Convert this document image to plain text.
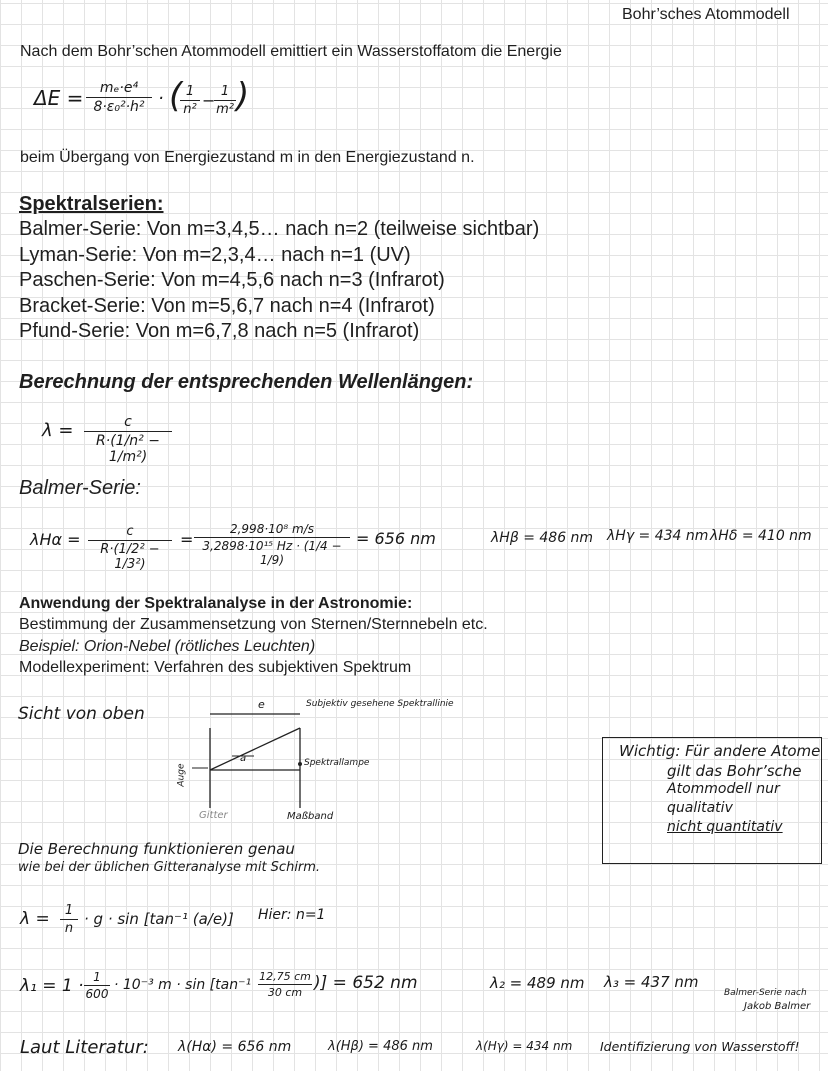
Bohr’sches Atommodell
Nach dem Bohr’schen Atommodell emittiert ein Wasserstoffatom die Energie
ΔE =	mₑ·e⁴
8·ε₀²·h² · ( 1
n² − 1
m² )
beim Übergang von Energiezustand m in den Energiezustand n.
Spektralserien:
Balmer-Serie: Von m=3,4,5… nach n=2 (teilweise sichtbar)
Lyman-Serie: Von m=2,3,4… nach n=1 (UV)
Paschen-Serie: Von m=4,5,6 nach n=3 (Infrarot)
Bracket-Serie: Von m=5,6,7 nach n=4 (Infrarot)
Pfund-Serie: Von m=6,7,8 nach n=5 (Infrarot)
Berechnung der entsprechenden Wellenlängen:
λ =	c
R·(1/n² − 1/m²)
Balmer-Serie:
λHα =	c
R·(1/2² − 1/3²)
=
2,998·10⁸ m/s
3,2898·10¹⁵ Hz · (1/4 − 1/9)
= 656 nm	λHβ = 486 nm λHγ = 434 nm λHδ = 410 nm
Anwendung der Spektralanalyse in der Astronomie:
Bestimmung der Zusammensetzung von Sternen/Sternnebeln etc.
Beispiel: Orion-Nebel (rötliches Leuchten)
Modellexperiment: Verfahren des subjektiven Spektrum
Sicht von oben	e	Subjektiv gesehene Spektrallinie
a	Spektrallampe
Auge
Gitter	Maßband
Wichtig: Für andere Atome
gilt das Bohr’sche
Atommodell nur
qualitativ
nicht quantitativ
Die Berechnung funktionieren genau
wie bei der üblichen Gitteranalyse mit Schirm.
λ =	1
n
· g · sin [tan⁻¹ (a/e)] Hier: n=1
λ₁ = 1 · 1
600
· 10⁻³ m · sin [tan⁻¹
12,75 cm
30 cm )] = 652 nm	λ₂ = 489 nm λ₃ = 437 nm
Balmer-Serie nach
Jakob Balmer
Laut Literatur: λ(Hα) = 656 nm	λ(Hβ) = 486 nm	λ(Hγ) = 434 nm Identifizierung von Wasserstoff!
